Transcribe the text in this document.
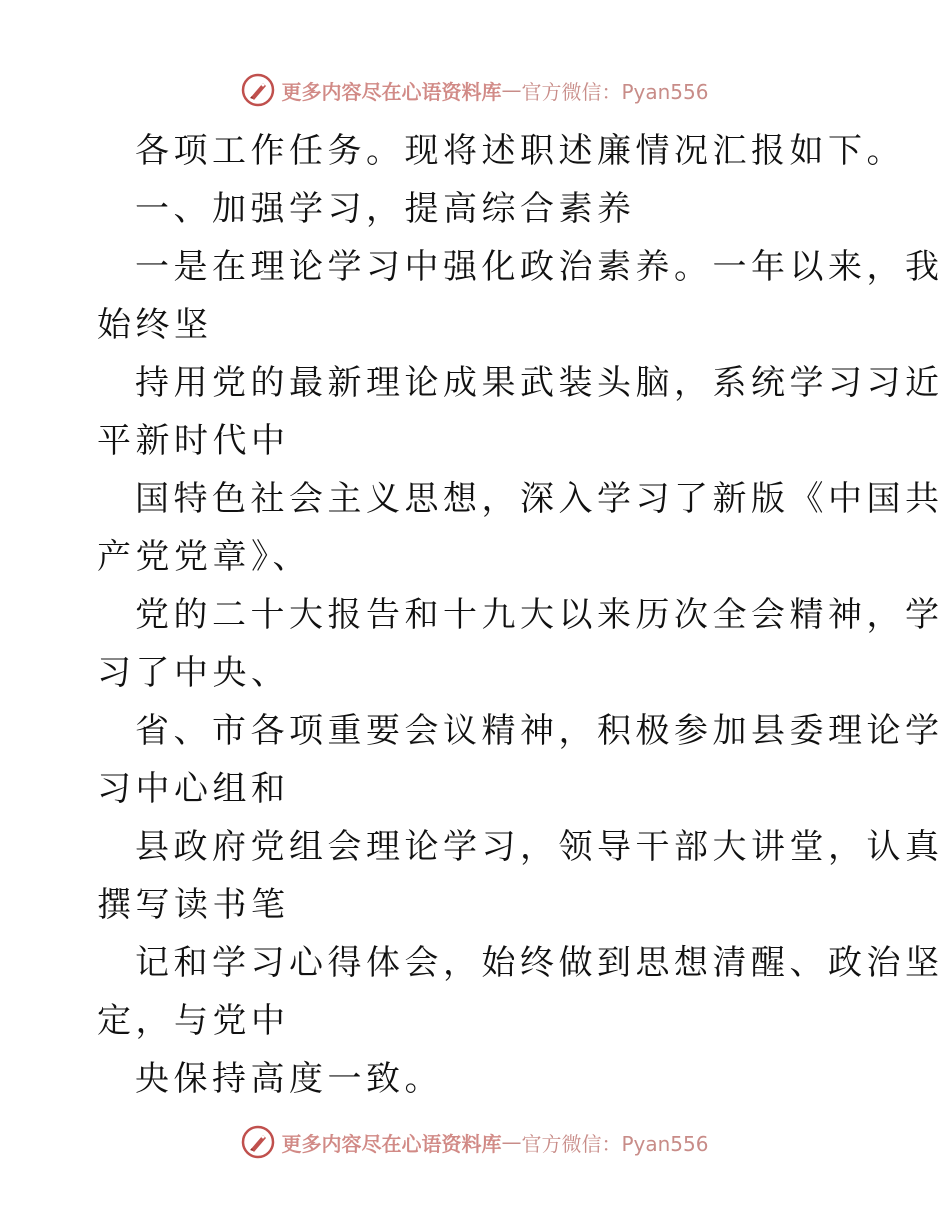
更多内容尽在心语资料库 — 官方微信：Pyan556
各项工作任务。现将述职述廉情况汇报如下。
一、加强学习，提高综合素养
一是在理论学习中强化政治素养。一年以来，我
始终坚
持用党的最新理论成果武装头脑，系统学习习近
平新时代中
国特色社会主义思想，深入学习了新版《中国共
产党党章》、
党的二十大报告和十九大以来历次全会精神，学
习了中央、
省、市各项重要会议精神，积极参加县委理论学
习中心组和
县政府党组会理论学习，领导干部大讲堂，认真
撰写读书笔
记和学习心得体会，始终做到思想清醒、政治坚
定，与党中
央保持高度一致。
更多内容尽在心语资料库 — 官方微信：Pyan556
